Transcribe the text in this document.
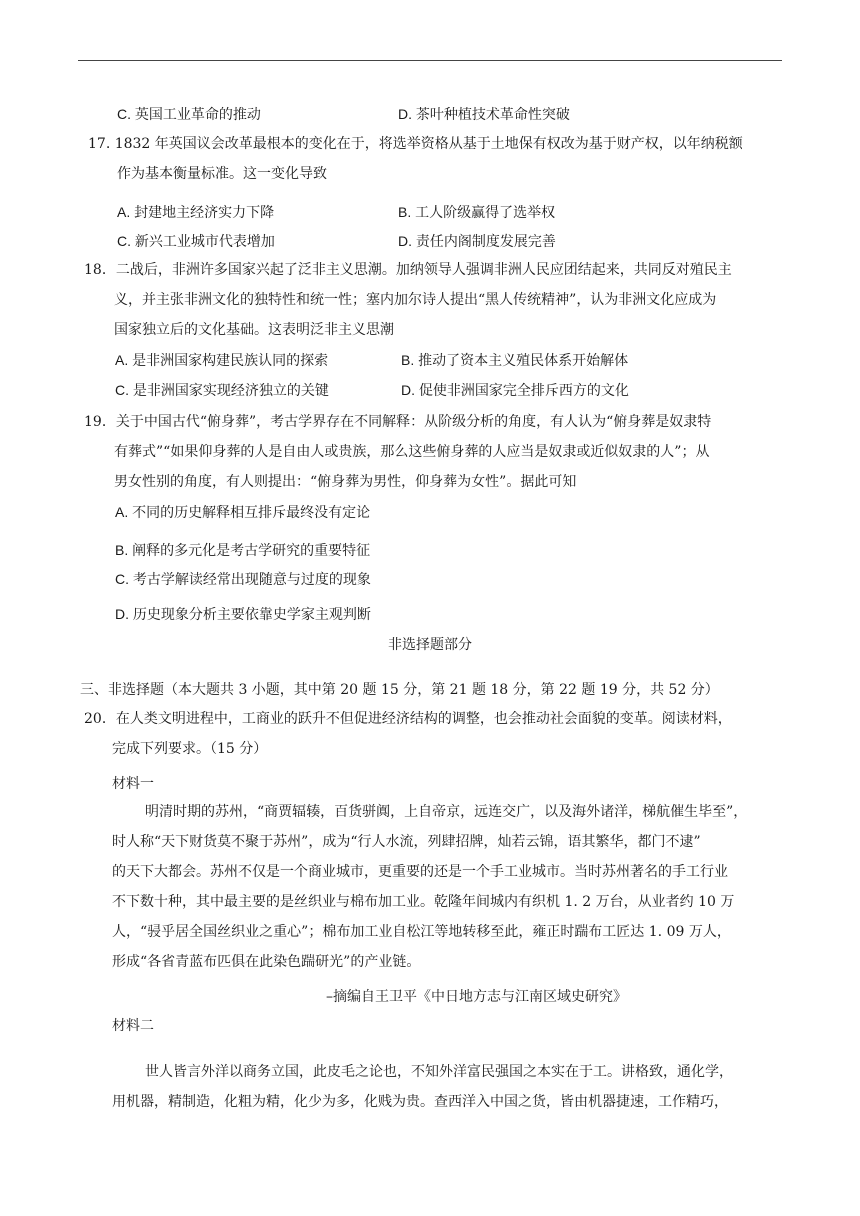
C. 英国工业革命的推动	D. 茶叶种植技术革命性突破
17. 1832 年英国议会改革最根本的变化在于，将选举资格从基于土地保有权改为基于财产权，以年纳税额
作为基本衡量标准。这一变化导致
A. 封建地主经济实力下降	B. 工人阶级赢得了选举权
C. 新兴工业城市代表增加	D. 责任内阁制度发展完善
18．二战后，非洲许多国家兴起了泛非主义思潮。加纳领导人强调非洲人民应团结起来，共同反对殖民主
义，并主张非洲文化的独特性和统一性；塞内加尔诗人提出“黑人传统精神”，认为非洲文化应成为
国家独立后的文化基础。这表明泛非主义思潮
A. 是非洲国家构建民族认同的探索	B. 推动了资本主义殖民体系开始解体
C. 是非洲国家实现经济独立的关键	D. 促使非洲国家完全排斥西方的文化
19．关于中国古代“俯身葬”，考古学界存在不同解释：从阶级分析的角度，有人认为“俯身葬是奴隶特
有葬式”“如果仰身葬的人是自由人或贵族，那么这些俯身葬的人应当是奴隶或近似奴隶的人”；从
男女性别的角度，有人则提出：“俯身葬为男性，仰身葬为女性”。据此可知
A. 不同的历史解释相互排斥最终没有定论
B. 阐释的多元化是考古学研究的重要特征
C. 考古学解读经常出现随意与过度的现象
D. 历史现象分析主要依靠史学家主观判断
非选择题部分
三、非选择题（本大题共 3 小题，其中第 20 题 15 分，第 21 题 18 分，第 22 题 19 分，共 52 分）
20．在人类文明进程中，工商业的跃升不但促进经济结构的调整，也会推动社会面貌的变革。阅读材料，
完成下列要求。（15 分）
材料一
明清时期的苏州，“商贾辐辏，百货骈阗，上自帝京，远连交广，以及海外诸洋，梯航催生毕至”，
时人称“天下财货莫不聚于苏州”，成为“行人水流，列肆招牌，灿若云锦，语其繁华，都门不逮”
的天下大都会。苏州不仅是一个商业城市，更重要的还是一个手工业城市。当时苏州著名的手工行业
不下数十种，其中最主要的是丝织业与棉布加工业。乾隆年间城内有织机 1. 2 万台，从业者约 10 万
人，“骎乎居全国丝织业之重心”；棉布加工业自松江等地转移至此，雍正时踹布工匠达 1. 09 万人，
形成“各省青蓝布匹俱在此染色踹研光”的产业链。
–摘编自王卫平《中日地方志与江南区域史研究》
材料二
世人皆言外洋以商务立国，此皮毛之论也，不知外洋富民强国之本实在于工。讲格致，通化学，
用机器，精制造，化粗为精，化少为多，化贱为贵。查西洋入中国之货，皆由机器捷速，工作精巧，
